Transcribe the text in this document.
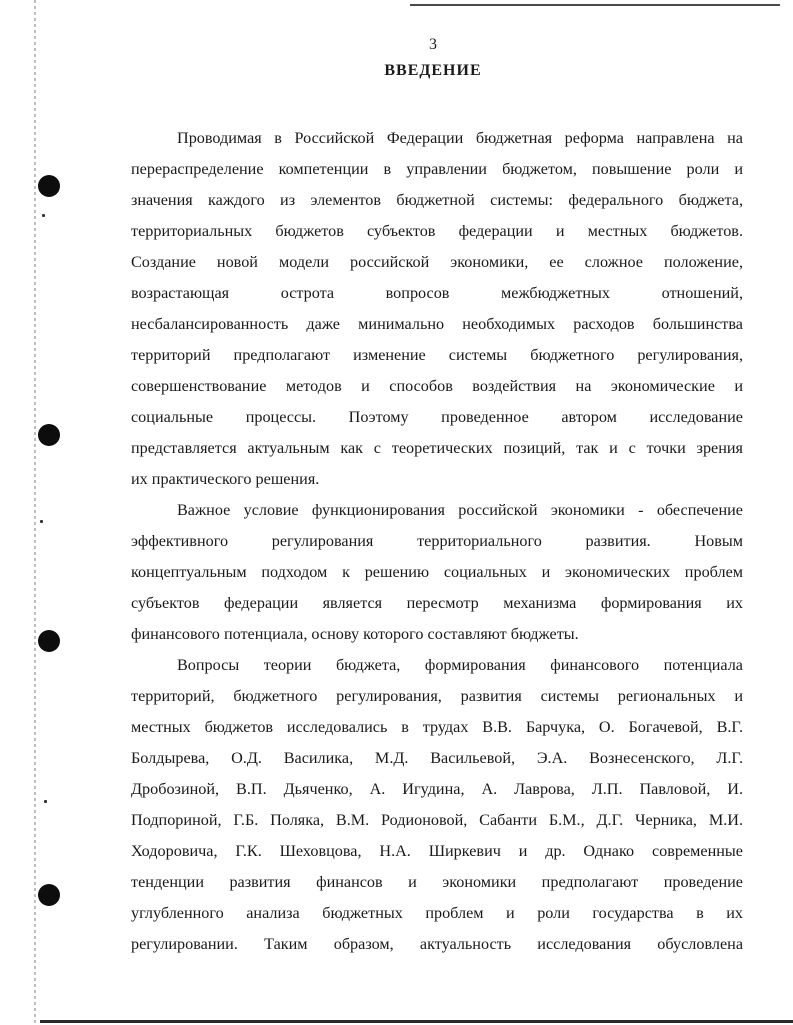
3
ВВЕДЕНИЕ
Проводимая в Российской Федерации бюджетная реформа направлена на
перераспределение компетенции в управлении бюджетом, повышение роли и
значения каждого из элементов бюджетной системы: федерального бюджета,
территориальных бюджетов субъектов федерации и местных бюджетов.
Создание новой модели российской экономики, ее сложное положение,
возрастающая острота вопросов межбюджетных отношений,
несбалансированность даже минимально необходимых расходов большинства
территорий предполагают изменение системы бюджетного регулирования,
совершенствование методов и способов воздействия на экономические и
социальные процессы. Поэтому проведенное автором исследование
представляется актуальным как с теоретических позиций, так и с точки зрения
их практического решения.
Важное условие функционирования российской экономики - обеспечение
эффективного регулирования территориального развития. Новым
концептуальным подходом к решению социальных и экономических проблем
субъектов федерации является пересмотр механизма формирования их
финансового потенциала, основу которого составляют бюджеты.
Вопросы теории бюджета, формирования финансового потенциала
территорий, бюджетного регулирования, развития системы региональных и
местных бюджетов исследовались в трудах В.В. Барчука, О. Богачевой, В.Г.
Болдырева, О.Д. Василика, М.Д. Васильевой, Э.А. Вознесенского, Л.Г.
Дробозиной, В.П. Дьяченко, А. Игудина, А. Лаврова, Л.П. Павловой, И.
Подпориной, Г.Б. Поляка, В.М. Родионовой, Сабанти Б.М., Д.Г. Черника, М.И.
Ходоровича, Г.К. Шеховцова, Н.А. Ширкевич и др. Однако современные
тенденции развития финансов и экономики предполагают проведение
углубленного анализа бюджетных проблем и роли государства в их
регулировании. Таким образом, актуальность исследования обусловлена
